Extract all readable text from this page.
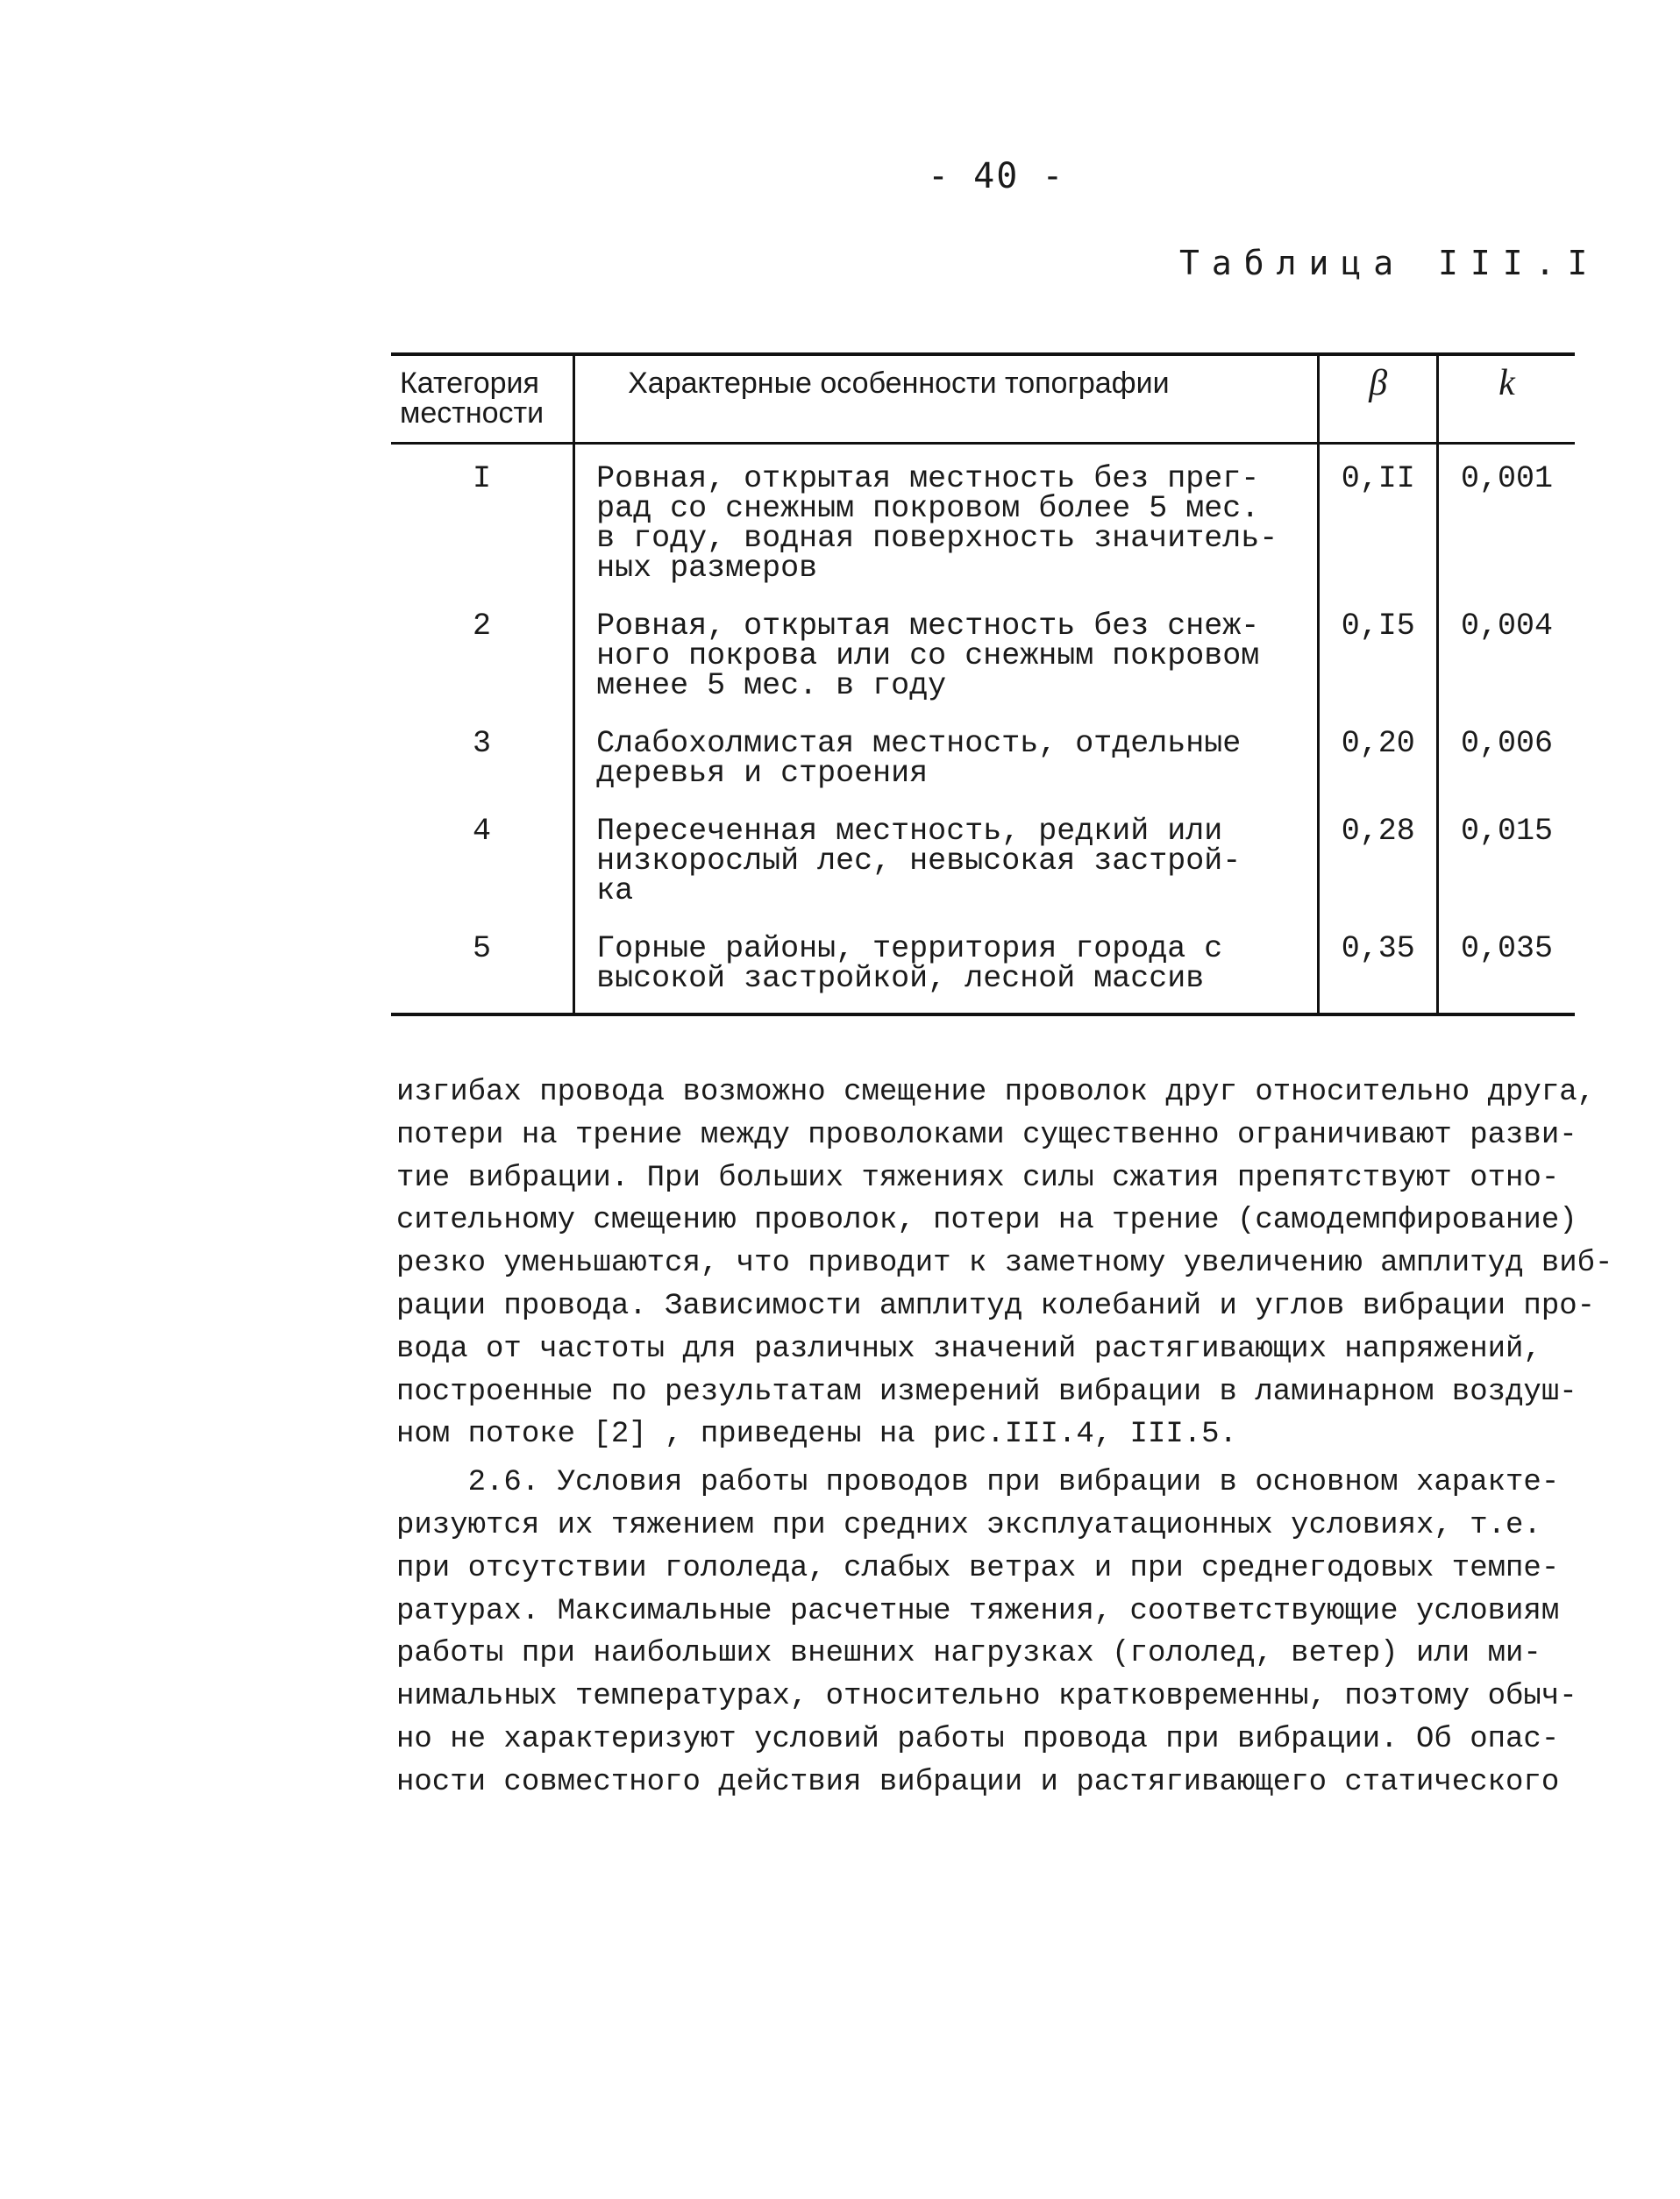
- 40 -
Таблица III.I
Категория местности	Характерные особенности топографии	β	k
I	Ровная, открытая местность без прег-
рад со снежным покровом более 5 мес.
в году, водная поверхность значитель-
ных размеров	0,II	0,001
2	Ровная, открытая местность без снеж-
ного покрова или со снежным покровом
менее 5 мес. в году	0,I5	0,004
3	Слабохолмистая местность, отдельные
деревья и строения	0,20	0,006
4	Пересеченная местность, редкий или
низкорослый лес, невысокая застрой-
ка	0,28	0,015
5	Горные районы, территория города с
высокой застройкой, лесной массив	0,35	0,035

изгибах провода возможно смещение проволок друг относительно друга,
потери на трение между проволоками существенно ограничивают разви-
тие вибрации. При больших тяжениях силы сжатия препятствуют отно-
сительному смещению проволок, потери на трение (самодемпфирование)
резко уменьшаются, что приводит к заметному увеличению амплитуд виб-
рации провода. Зависимости амплитуд колебаний и углов вибрации про-
вода от частоты для различных значений растягивающих напряжений,
построенные по результатам измерений вибрации в ламинарном воздуш-
ном потоке [2] , приведены на рис.III.4, III.5.

2.6. Условия работы проводов при вибрации в основном характе-
ризуются их тяжением при средних эксплуатационных условиях, т.е.
при отсутствии гололеда, слабых ветрах и при среднегодовых темпе-
ратурах. Максимальные расчетные тяжения, соответствующие условиям
работы при наибольших внешних нагрузках (гололед, ветер) или ми-
нимальных температурах, относительно кратковременны, поэтому обыч-
но не характеризуют условий работы провода при вибрации. Об опас-
ности совместного действия вибрации и растягивающего статического
